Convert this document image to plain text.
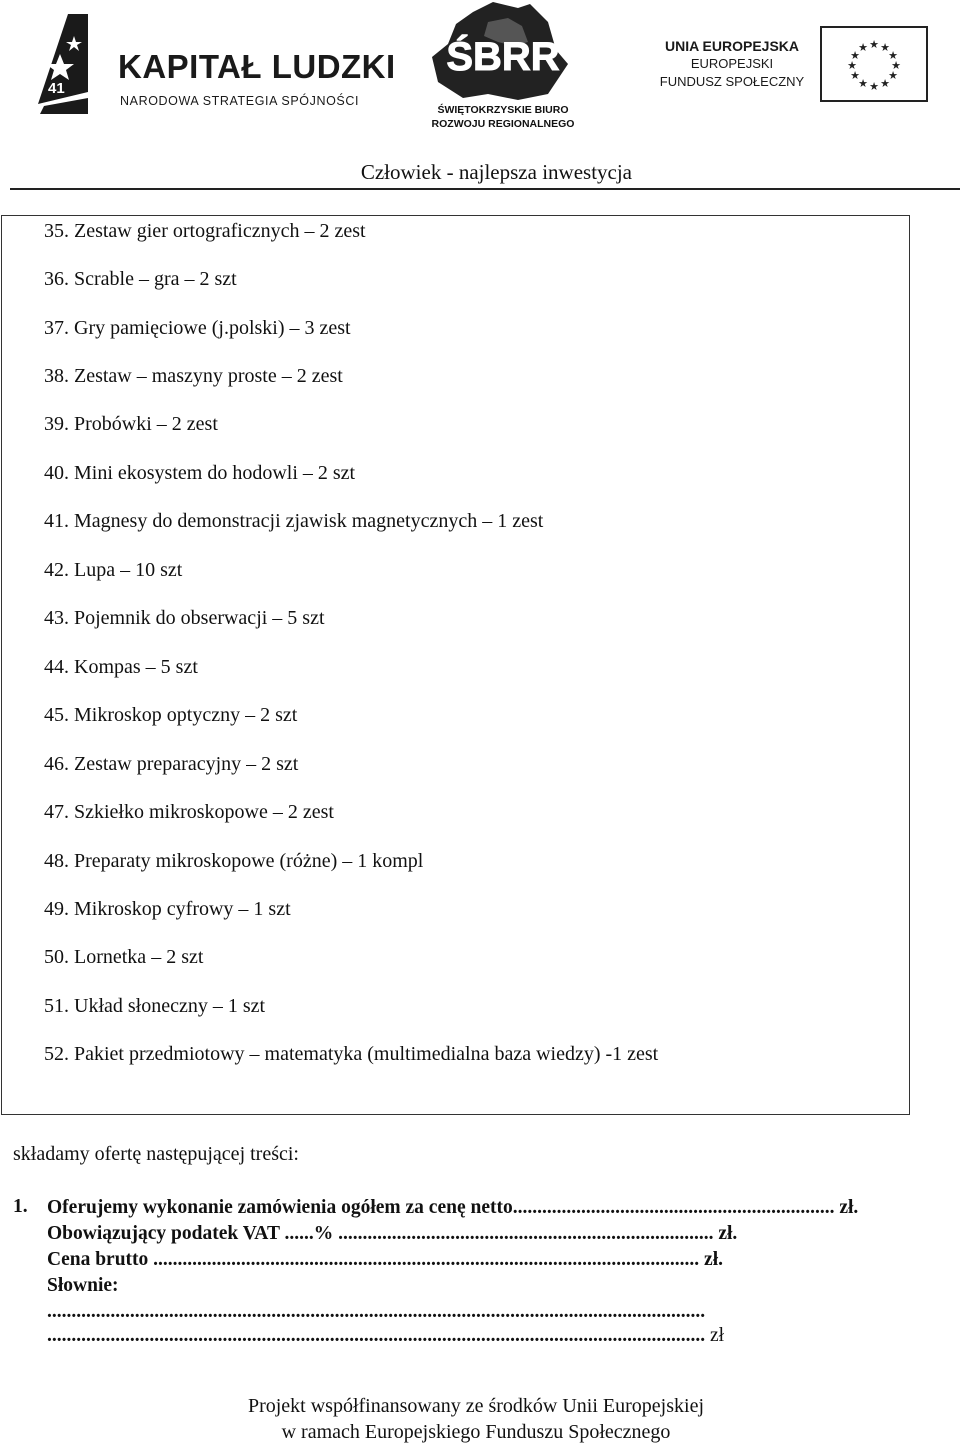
41
KAPITAŁ LUDZKI
NARODOWA STRATEGIA SPÓJNOŚCI
ŚBRR
ŚWIĘTOKRZYSKIE BIURO
ROZWOJU REGIONALNEGO
UNIA EUROPEJSKA
EUROPEJSKI
FUNDUSZ SPOŁECZNY
★ ★
★
★
★
★
★
★
★
★
★
★
Człowiek - najlepsza inwestycja
35. Zestaw gier ortograficznych – 2 zest
36. Scrable – gra – 2 szt
37. Gry pamięciowe (j.polski) – 3 zest
38. Zestaw – maszyny proste – 2 zest
39. Probówki – 2 zest
40. Mini ekosystem do hodowli – 2 szt
41. Magnesy do demonstracji zjawisk magnetycznych – 1 zest
42. Lupa – 10 szt
43. Pojemnik do obserwacji – 5 szt
44. Kompas – 5 szt
45. Mikroskop optyczny – 2 szt
46. Zestaw preparacyjny – 2 szt
47. Szkiełko mikroskopowe – 2 zest
48. Preparaty mikroskopowe (różne) – 1 kompl
49. Mikroskop cyfrowy – 1 szt
50. Lornetka – 2 szt
51. Układ słoneczny – 1 szt
52. Pakiet przedmiotowy – matematyka (multimedialna baza wiedzy) -1 zest
składamy ofertę następującej treści:
1. Oferujemy wykonanie zamówienia ogółem za cenę netto.................................................................. zł.
Obowiązujący podatek VAT ......% ............................................................................. zł.
Cena brutto ................................................................................................................ zł.
Słownie:
.......................................................................................................................................
....................................................................................................................................... zł
Projekt współfinansowany ze środków Unii Europejskiej
w ramach Europejskiego Funduszu Społecznego
